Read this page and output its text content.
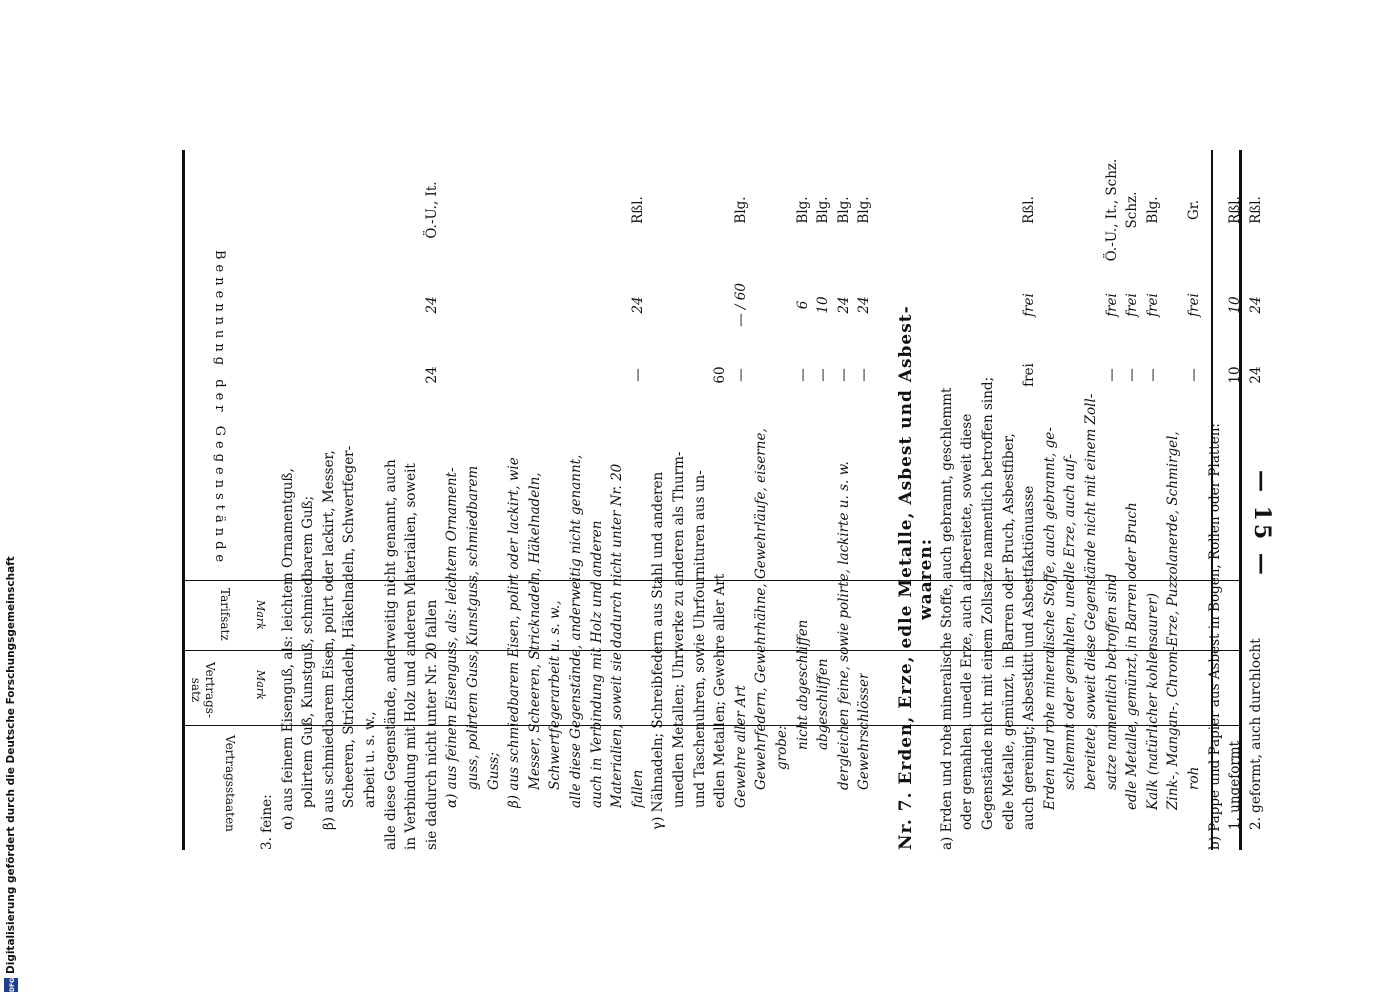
— 15 —
Benennung der Gegenstände
Tarifsatz Mark
Vertrags-satz	Mark
Vertragsstaaten 3. feine: α) aus feinem Eisenguß, als: leichtem Ornamentguß, polirtem Guß, Kunstguß, schmiedbarem Guß; β) aus schmiedbarem Eisen, polirt oder lackirt, Messer, Scheeren, Stricknadeln, Häkelnadeln, Schwertfeger- arbeit u. s. w., alle diese Gegenstände, anderweitig nicht genannt, auch in Verbindung mit Holz und anderen Materialien, soweit sie dadurch nicht unter Nr. 20 fallen
24
24
Ö.-U., It.
α) aus feinem Eisenguss, als: leichtem Ornament- guss, polirtem Guss, Kunstguss, schmiedbarem Guss; β) aus schmiedbarem Eisen, polirt oder lackirt, wie Messer, Scheeren, Stricknadeln, Häkelnadeln, Schwertfegerarbeit u. s. w., alle diese Gegenstände, anderweitig nicht genannt, auch in Verbindung mit Holz und anderen Materialien, soweit sie dadurch nicht unter Nr. 20 fallen
—
24
Rßl.
γ) Nähnadeln; Schreibfedern aus Stahl und anderen unedlen Metallen; Uhrwerke zu anderen als Thurm- und Taschenuhren, sowie Uhrfournituren aus un- edlen Metallen; Gewehre aller Art
60
Gewehre aller Art
—
— / 60
Blg.
Gewehrfedern, Gewehrhähne, Gewehrläufe, eiserne, grobe: nicht abgeschliffen
—
6
Blg.
abgeschliffen
—
10
Blg.
dergleichen feine, sowie polirte, lackirte u. s. w.
—
24
Blg.
Gewehrschlösser
—
24
Blg.
Nr. 7. Erden, Erze, edle Metalle, Asbest und Asbest- waaren: a) Erden und rohe mineralische Stoffe, auch gebrannt, geschlemmt oder gemahlen, unedle Erze, auch aufbereitete, soweit diese Gegenstände nicht mit einem Zollsatze namentlich betroffen sind; edle Metalle, gemünzt, in Barren oder Bruch, Asbestfiber, auch gereinigt; Asbestkitt und Asbestfaktiönuasse
frei
frei
Rßl.
Erden und rohe mineralische Stoffe, auch gebrannt, ge- schlemmt oder gemahlen, unedle Erze, auch auf- bereitete, soweit diese Gegenstände nicht mit einem Zoll- satze namentlich betroffen sind
—
frei
Ö.-U., It., Schz.
edle Metalle, gemünzt, in Barren oder Bruch
—
frei
Schz.
Kalk (natürlicher kohlensaurer)
—
frei
Blg.
Zink-, Mangan-, Chrom-Erze, Puzzolanerde, Schmirgel, roh
—
frei
Gr.
b) Pappe und Papier aus Asbest in Bogen, Rollen oder Platten: 1. ungeformt
10
10
Rßl.
2. geformt, auch durchlocht
24
24
Rßl.
DFG
Digitalisierung gefördert durch die Deutsche Forschungsgemeinschaft
